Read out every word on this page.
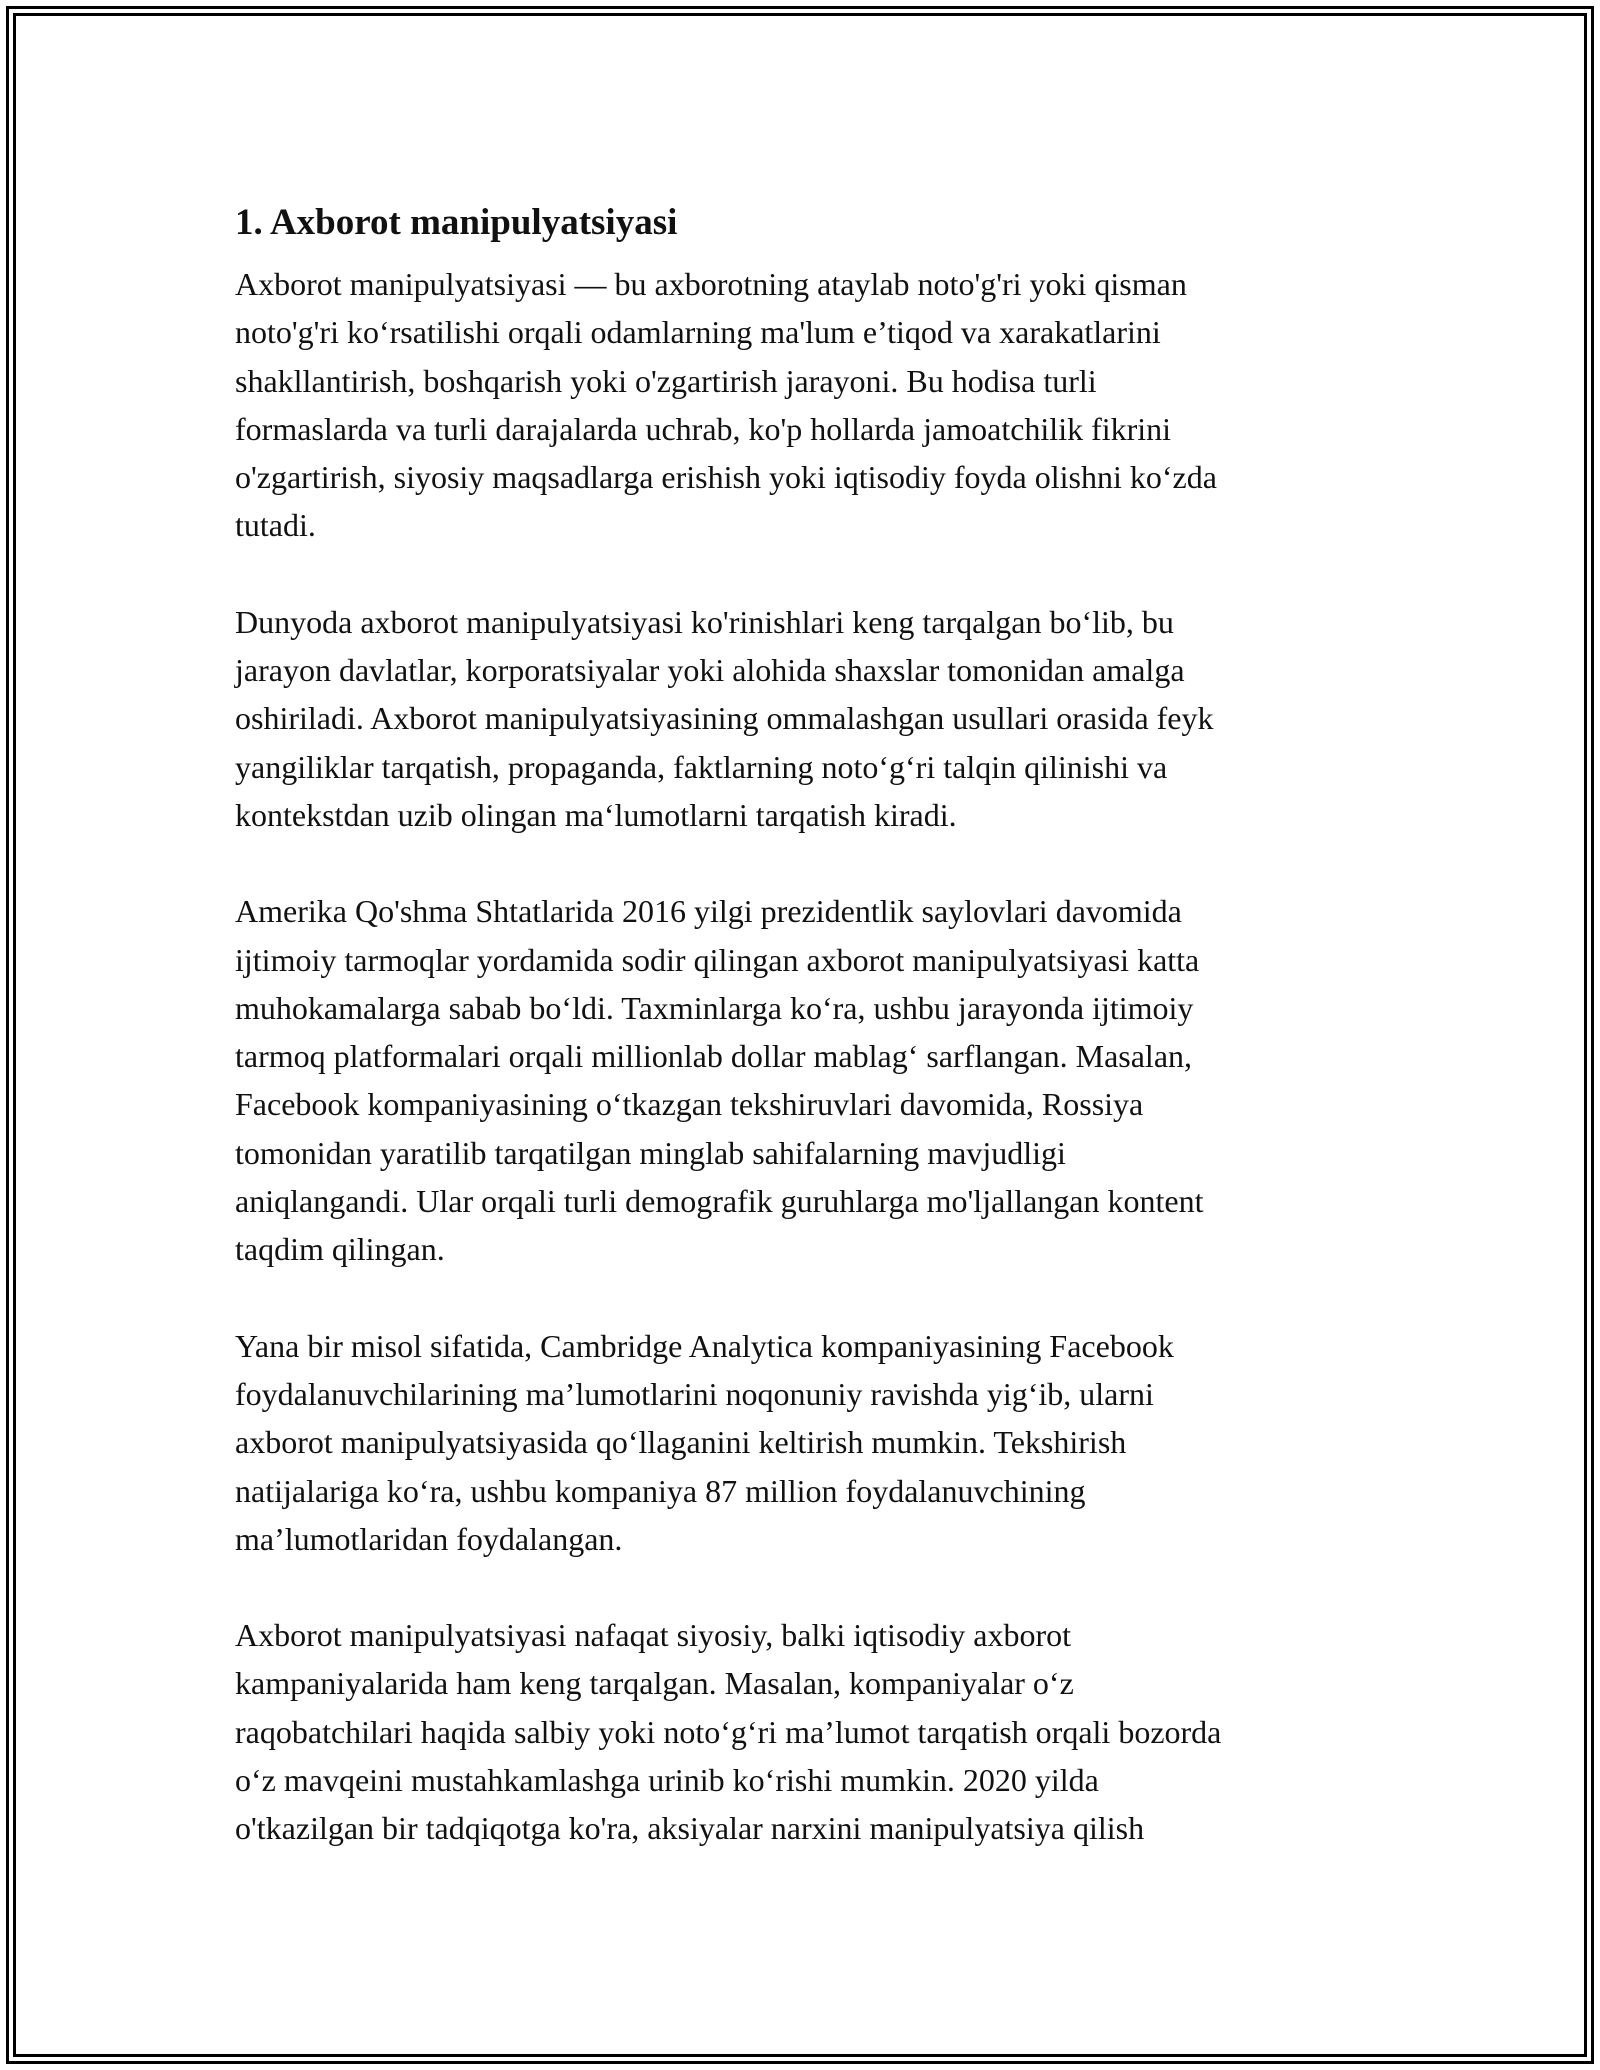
1. Axborot manipulyatsiyasi

Axborot manipulyatsiyasi — bu axborotning ataylab noto'g'ri yoki qisman
noto'g'ri koʻrsatilishi orqali odamlarning ma'lum e’tiqod va xarakatlarini
shakllantirish, boshqarish yoki o'zgartirish jarayoni. Bu hodisa turli
formaslarda va turli darajalarda uchrab, ko'p hollarda jamoatchilik fikrini
o'zgartirish, siyosiy maqsadlarga erishish yoki iqtisodiy foyda olishni koʻzda
tutadi.

Dunyoda axborot manipulyatsiyasi ko'rinishlari keng tarqalgan boʻlib, bu
jarayon davlatlar, korporatsiyalar yoki alohida shaxslar tomonidan amalga
oshiriladi. Axborot manipulyatsiyasining ommalashgan usullari orasida feyk
yangiliklar tarqatish, propaganda, faktlarning notoʻgʻri talqin qilinishi va
kontekstdan uzib olingan maʻlumotlarni tarqatish kiradi.

Amerika Qo'shma Shtatlarida 2016 yilgi prezidentlik saylovlari davomida
ijtimoiy tarmoqlar yordamida sodir qilingan axborot manipulyatsiyasi katta
muhokamalarga sabab boʻldi. Taxminlarga koʻra, ushbu jarayonda ijtimoiy
tarmoq platformalari orqali millionlab dollar mablagʻ sarflangan. Masalan,
Facebook kompaniyasining oʻtkazgan tekshiruvlari davomida, Rossiya
tomonidan yaratilib tarqatilgan minglab sahifalarning mavjudligi
aniqlangandi. Ular orqali turli demografik guruhlarga mo'ljallangan kontent
taqdim qilingan.

Yana bir misol sifatida, Cambridge Analytica kompaniyasining Facebook
foydalanuvchilarining ma’lumotlarini noqonuniy ravishda yigʻib, ularni
axborot manipulyatsiyasida qoʻllaganini keltirish mumkin. Tekshirish
natijalariga koʻra, ushbu kompaniya 87 million foydalanuvchining
ma’lumotlaridan foydalangan.

Axborot manipulyatsiyasi nafaqat siyosiy, balki iqtisodiy axborot
kampaniyalarida ham keng tarqalgan. Masalan, kompaniyalar oʻz
raqobatchilari haqida salbiy yoki notoʻgʻri ma’lumot tarqatish orqali bozorda
oʻz mavqeini mustahkamlashga urinib koʻrishi mumkin. 2020 yilda
o'tkazilgan bir tadqiqotga ko'ra, aksiyalar narxini manipulyatsiya qilish
